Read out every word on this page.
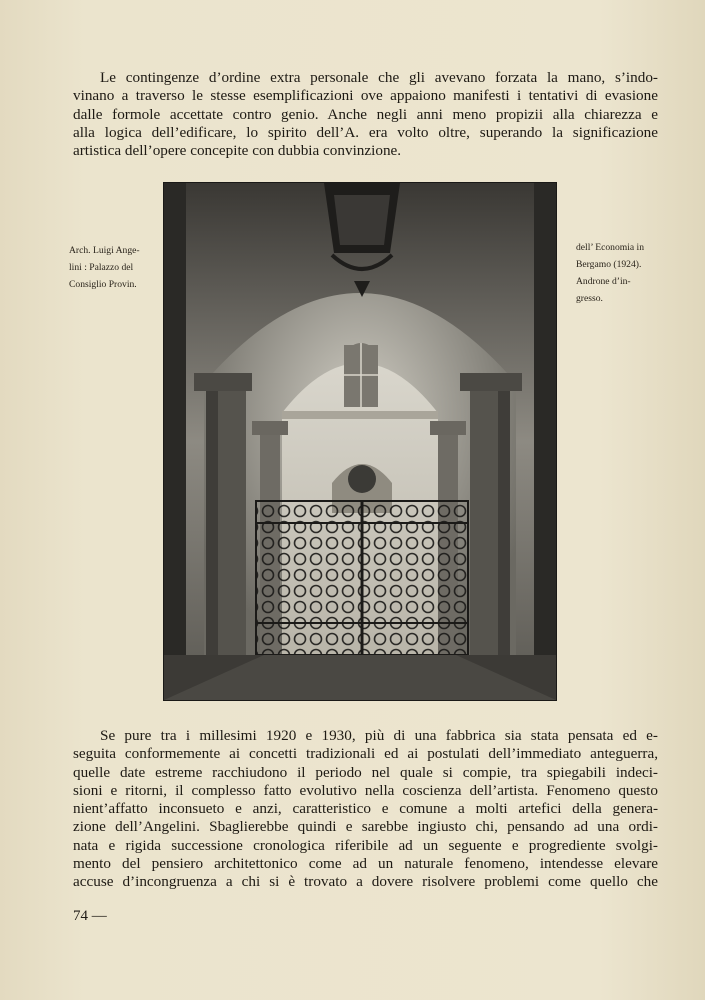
Le contingenze d’ordine extra personale che gli avevano forzata la mano, s’indo-
vinano a traverso le stesse esemplificazioni ove appaiono manifesti i tentativi di evasione
dalle formole accettate contro genio. Anche negli anni meno propizii alla chiarezza e
alla logica dell’edificare, lo spirito dell’A. era volto oltre, superando la significazione
artistica dell’opere concepite con dubbia convinzione.

Arch. Luigi Ange-
lini : Palazzo del
Consiglio Provin.
dell’ Economia in
Bergamo (1924).
Androne d’in-
gresso.

Se pure tra i millesimi 1920 e 1930, più di una fabbrica sia stata pensata ed e-
seguita conformemente ai concetti tradizionali ed ai postulati dell’immediato anteguerra,
quelle date estreme racchiudono il periodo nel quale si compie, tra spiegabili indeci-
sioni e ritorni, il complesso fatto evolutivo nella coscienza dell’artista. Fenomeno questo
nient’affatto inconsueto e anzi, caratteristico e comune a molti artefici della genera-
zione dell’Angelini. Sbaglierebbe quindi e sarebbe ingiusto chi, pensando ad una ordi-
nata e rigida successione cronologica riferibile ad un seguente e progrediente svolgi-
mento del pensiero architettonico come ad un naturale fenomeno, intendesse elevare
accuse d’incongruenza a chi si è trovato a dovere risolvere problemi come quello che

74 —
